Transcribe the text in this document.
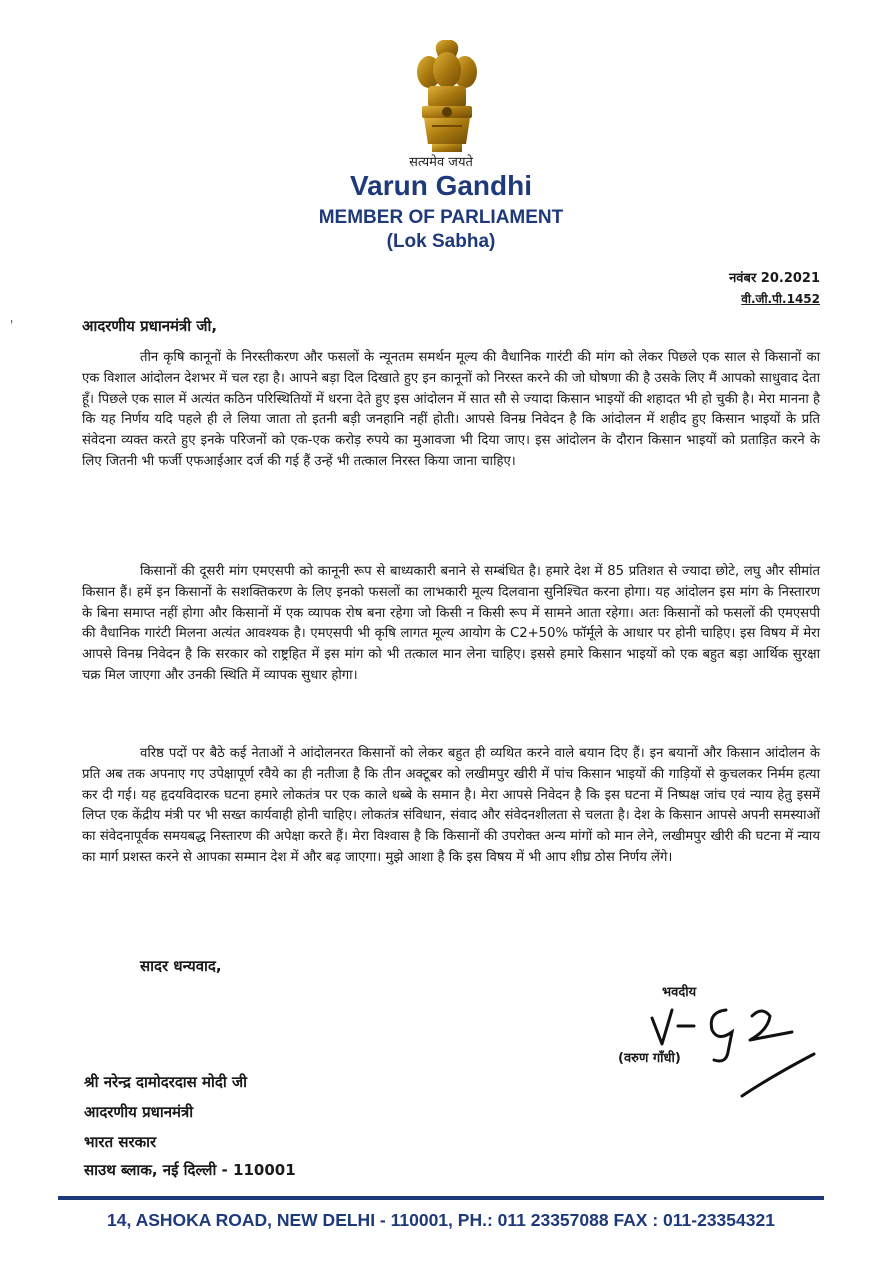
सत्यमेव जयते
Varun Gandhi
MEMBER OF PARLIAMENT
(Lok Sabha)
नवंबर 20.2021
वी.जी.पी.1452
'	आदरणीय प्रधानमंत्री जी,

तीन कृषि कानूनों के निरस्तीकरण और फसलों के न्यूनतम समर्थन मूल्य की वैधानिक गारंटी की मांग को लेकर पिछले एक साल से किसानों का एक विशाल आंदोलन देशभर में चल रहा है। आपने बड़ा दिल दिखाते हुए इन कानूनों को निरस्त करने की जो घोषणा की है उसके लिए मैं आपको साधुवाद देता हूँ। पिछले एक साल में अत्यंत कठिन परिस्थितियों में धरना देते हुए इस आंदोलन में सात सौ से ज्यादा किसान भाइयों की शहादत भी हो चुकी है। मेरा मानना है कि यह निर्णय यदि पहले ही ले लिया जाता तो इतनी बड़ी जनहानि नहीं होती। आपसे विनम्र निवेदन है कि आंदोलन में शहीद हुए किसान भाइयों के प्रति संवेदना व्यक्त करते हुए इनके परिजनों को एक-एक करोड़ रुपये का मुआवजा भी दिया जाए। इस आंदोलन के दौरान किसान भाइयों को प्रताड़ित करने के लिए जितनी भी फर्जी एफआईआर दर्ज की गई हैं उन्हें भी तत्काल निरस्त किया जाना चाहिए।

किसानों की दूसरी मांग एमएसपी को कानूनी रूप से बाध्यकारी बनाने से सम्बंधित है। हमारे देश में 85 प्रतिशत से ज्यादा छोटे, लघु और सीमांत किसान हैं। हमें इन किसानों के सशक्तिकरण के लिए इनको फसलों का लाभकारी मूल्य दिलवाना सुनिश्चित करना होगा। यह आंदोलन इस मांग के निस्तारण के बिना समाप्त नहीं होगा और किसानों में एक व्यापक रोष बना रहेगा जो किसी न किसी रूप में सामने आता रहेगा। अतः किसानों को फसलों की एमएसपी की वैधानिक गारंटी मिलना अत्यंत आवश्यक है। एमएसपी भी कृषि लागत मूल्य आयोग के C2+50% फॉर्मूले के आधार पर होनी चाहिए। इस विषय में मेरा आपसे विनम्र निवेदन है कि सरकार को राष्ट्रहित में इस मांग को भी तत्काल मान लेना चाहिए। इससे हमारे किसान भाइयों को एक बहुत बड़ा आर्थिक सुरक्षा चक्र मिल जाएगा और उनकी स्थिति में व्यापक सुधार होगा।

वरिष्ठ पदों पर बैठे कई नेताओं ने आंदोलनरत किसानों को लेकर बहुत ही व्यथित करने वाले बयान दिए हैं। इन बयानों और किसान आंदोलन के प्रति अब तक अपनाए गए उपेक्षापूर्ण रवैये का ही नतीजा है कि तीन अक्टूबर को लखीमपुर खीरी में पांच किसान भाइयों की गाड़ियों से कुचलकर निर्मम हत्या कर दी गई। यह हृदयविदारक घटना हमारे लोकतंत्र पर एक काले धब्बे के समान है। मेरा आपसे निवेदन है कि इस घटना में निष्पक्ष जांच एवं न्याय हेतु इसमें लिप्त एक केंद्रीय मंत्री पर भी सख्त कार्यवाही होनी चाहिए। लोकतंत्र संविधान, संवाद और संवेदनशीलता से चलता है। देश के किसान आपसे अपनी समस्याओं का संवेदनापूर्वक समयबद्ध निस्तारण की अपेक्षा करते हैं। मेरा विश्वास है कि किसानों की उपरोक्त अन्य मांगों को मान लेने, लखीमपुर खीरी की घटना में न्याय का मार्ग प्रशस्त करने से आपका सम्मान देश में और बढ़ जाएगा। मुझे आशा है कि इस विषय में भी आप शीघ्र ठोस निर्णय लेंगे।

सादर धन्यवाद,
भवदीय
(वरुण गाँधी)
श्री नरेन्द्र दामोदरदास मोदी जी
आदरणीय प्रधानमंत्री
भारत सरकार
साउथ ब्लाक, नई दिल्ली - 110001
14, ASHOKA ROAD, NEW DELHI - 110001, PH.: 011 23357088 FAX : 011-23354321
